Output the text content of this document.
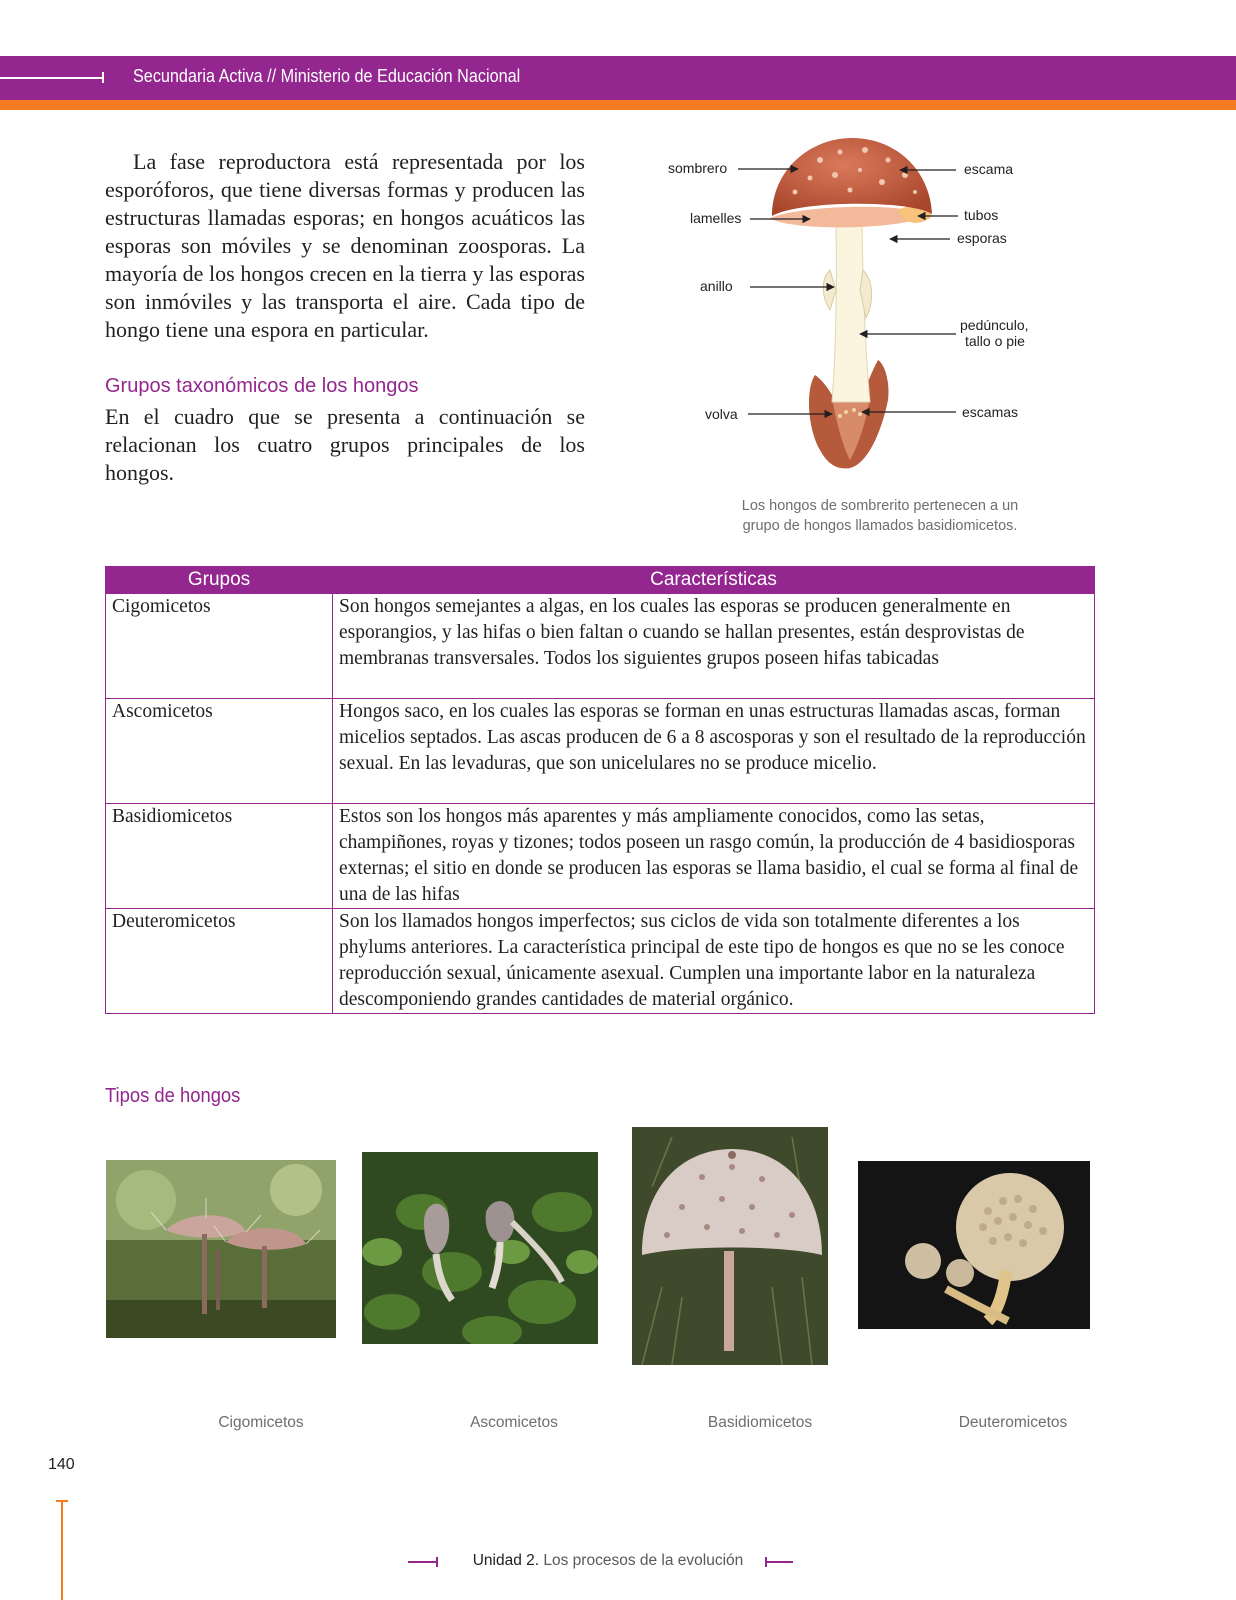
Secundaria Activa // Ministerio de Educación Nacional
La fase reproductora está representada por los esporóforos, que tiene diversas formas y producen las estructuras llamadas esporas; en hongos acuáticos las esporas son móviles y se denominan zoosporas. La mayoría de los hongos crecen en la tierra y las esporas son inmóviles y las transporta el aire. Cada tipo de hongo tiene una espora en particular.
Grupos taxonómicos de los hongos
En el cuadro que se presenta a continuación se relacionan los cuatro grupos principales de los hongos.
sombrero
lamelles
anillo
volva
escama
tubos
esporas
pedúnculo,
tallo o pie
escamas
Los hongos de sombrerito pertenecen a un
grupo de hongos llamados basidiomicetos.
Grupos	Características
Cigomicetos	Son hongos semejantes a algas, en los cuales las esporas se producen generalmente en esporangios, y las hifas o bien faltan o cuando se hallan presentes, están desprovistas de membranas transversales. Todos los siguientes grupos poseen hifas tabicadas
Ascomicetos	Hongos saco, en los cuales las esporas se forman en unas estructuras llamadas ascas, forman micelios septados. Las ascas producen de 6 a 8 ascosporas y son el resultado de la reproducción sexual. En las levaduras, que son unicelulares no se produce micelio.
Basidiomicetos	Estos son los hongos más aparentes y más ampliamente conocidos, como las setas, champiñones, royas y tizones; todos poseen un rasgo común, la producción de 4 basidiosporas externas; el sitio en donde se producen las esporas se llama basidio, el cual se forma al final de una de las hifas
Deuteromicetos	Son los llamados hongos imperfectos; sus ciclos de vida son totalmente diferentes a los phylums anteriores. La característica principal de este tipo de hongos es que no se les conoce reproducción sexual, únicamente asexual. Cumplen una importante labor en la naturaleza descomponiendo grandes cantidades de material orgánico.
Tipos de hongos
Cigomicetos	Ascomicetos	Basidiomicetos	Deuteromicetos
140
Unidad 2. Los procesos de la evolución
